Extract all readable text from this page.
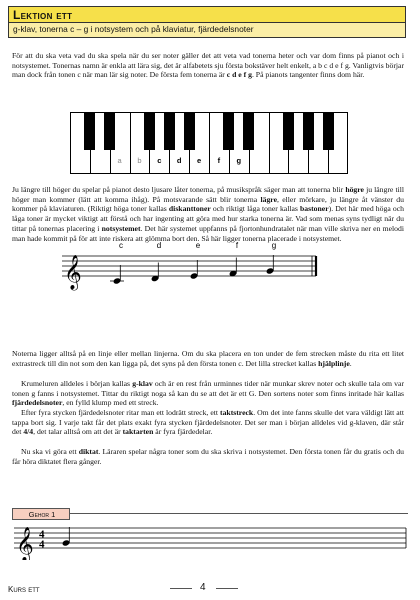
Lektion ett
g-klav, tonerna c – g i notsystem och på klaviatur, fjärdedelsnoter

För att du ska veta vad du ska spela när du ser noter gäller det att veta vad tonerna heter och var dom finns på pianot och i notsystemet. Tonernas namn är enkla att lära sig, det är alfabetets sju första bokstäver helt enkelt, a b c d e f g. Vanligtvis börjar man dock från tonen c när man lär sig noter. De första fem tonerna är c d e f g. På pianots tangenter finns dom här.

a	b	c	d	e	f	g

Ju längre till höger du spelar på pianot desto ljusare låter tonerna, på musikspråk säger man att tonerna blir högre ju längre till höger man kommer (lätt att komma ihåg). På motsvarande sätt blir tonerna lägre, eller mörkare, ju längre åt vänster du kommer på klaviaturen. (Riktigt höga toner kallas diskanttoner och riktigt låga toner kallas bastoner). Det här med höga och låga toner är mycket viktigt att förstå och har ingenting att göra med hur starka tonerna är. Vad som menas syns tydligt när du tittar på tonernas placering i notsystemet. Det här systemet uppfanns på fjortonhundratalet när man ville skriva ner en melodi man hade kommit på för att inte riskera att glömma bort den. Så här ligger tonerna placerade i notsystemet.

𝄞
c	d	e	f	g

Noterna ligger alltså på en linje eller mellan linjerna. Om du ska placera en ton under de fem strecken måste du rita ett litet extrastreck till din not som den kan ligga på, det syns på den första tonen c. Det lilla strecket kallas hjälplinje.

Krumeluren alldeles i början kallas g-klav och är en rest från urminnes tider när munkar skrev noter och skulle tala om var tonen g fanns i notsystemet. Tittar du riktigt noga så kan du se att det är ett G. Den sortens noter som finns inritade här kallas fjärdedelsnoter, en fylld klump med ett streck.

Efter fyra stycken fjärdedelsnoter ritar man ett lodrätt streck, ett taktstreck. Om det inte fanns skulle det vara väldigt lätt att tappa bort sig. I varje takt får det plats exakt fyra stycken fjärdedelsnoter. Det ser man i början alldeles vid g-klaven, där står det 4/4, det talar alltså om att det är taktarten är fyra fjärdedelar.

Nu ska vi göra ett diktat. Läraren spelar några toner som du ska skriva i notsystemet. Den första tonen får du gratis och du får höra diktatet flera gånger.

Gehor 1
𝄞 4
4
Kurs ett	4
